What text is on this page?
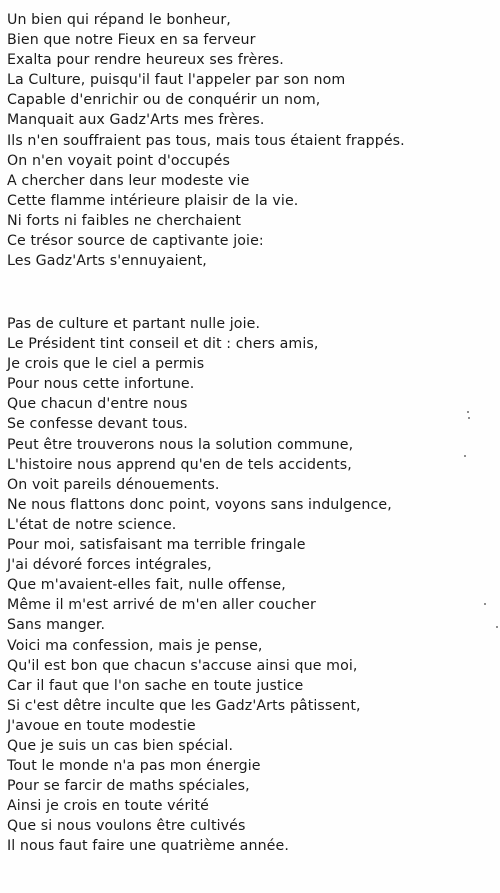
Un bien qui répand le bonheur,
Bien que notre Fieux en sa ferveur
Exalta pour rendre heureux ses frères.
La Culture, puisqu'il faut l'appeler par son nom
Capable d'enrichir ou de conquérir un nom,
Manquait aux Gadz'Arts mes frères.
Ils n'en souffraient pas tous, mais tous étaient frappés.
On n'en voyait point d'occupés
A chercher dans leur modeste vie
Cette flamme intérieure plaisir de la vie.
Ni forts ni faibles ne cherchaient
Ce trésor source de captivante joie:
Les Gadz'Arts s'ennuyaient,
Pas de culture et partant nulle joie.
Le Président tint conseil et dit : chers amis,
Je crois que le ciel a permis
Pour nous cette infortune.
Que chacun d'entre nous
Se confesse devant tous.
Peut être trouverons nous la solution commune,
L'histoire nous apprend qu'en de tels accidents,
On voit pareils dénouements.
Ne nous flattons donc point, voyons sans indulgence,
L'état de notre science.
Pour moi, satisfaisant ma terrible fringale
J'ai dévoré forces intégrales,
Que m'avaient-elles fait, nulle offense,
Même il m'est arrivé de m'en aller coucher
Sans manger.
Voici ma confession, mais je pense,
Qu'il est bon que chacun s'accuse ainsi que moi,
Car il faut que l'on sache en toute justice
Si c'est dêtre inculte que les Gadz'Arts pâtissent,
J'avoue en toute modestie
Que je suis un cas bien spécial.
Tout le monde n'a pas mon énergie
Pour se farcir de maths spéciales,
Ainsi je crois en toute vérité
Que si nous voulons être cultivés
Il nous faut faire une quatrième année.
